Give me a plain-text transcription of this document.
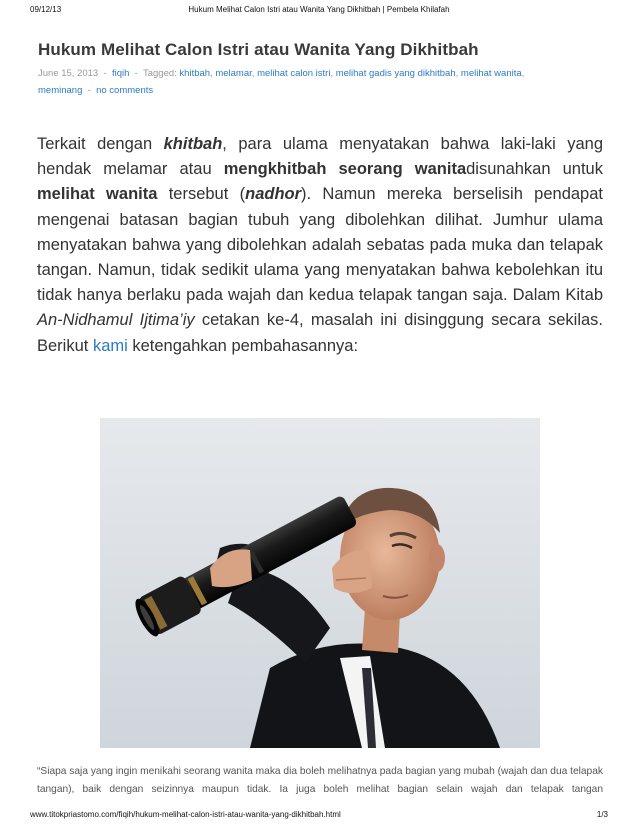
09/12/13	Hukum Melihat Calon Istri atau Wanita Yang Dikhitbah | Pembela Khilafah
Hukum Melihat Calon Istri atau Wanita Yang Dikhitbah
June 15, 2013 - fiqih - Tagged: khitbah, melamar, melihat calon istri, melihat gadis yang dikhitbah, melihat wanita, meminang - no comments

Terkait dengan khitbah, para ulama menyatakan bahwa laki-laki yang hendak melamar atau mengkhitbah seorang wanitadisunahkan untuk melihat wanita tersebut (nadhor). Namun mereka berselisih pendapat mengenai batasan bagian tubuh yang dibolehkan dilihat. Jumhur ulama menyatakan bahwa yang dibolehkan adalah sebatas pada muka dan telapak tangan. Namun, tidak sedikit ulama yang menyatakan bahwa kebolehkan itu tidak hanya berlaku pada wajah dan kedua telapak tangan saja. Dalam Kitab An-Nidhamul Ijtima’iy cetakan ke-4, masalah ini disinggung secara sekilas. Berikut kami ketengahkan pembahasannya:

“Siapa saja yang ingin menikahi seorang wanita maka dia boleh melihatnya pada bagian yang mubah (wajah dan dua telapak tangan), baik dengan seizinnya maupun tidak. Ia juga boleh melihat bagian selain wajah dan telapak tangan

www.titokpriastomo.com/fiqih/hukum-melihat-calon-istri-atau-wanita-yang-dikhitbah.html	1/3
